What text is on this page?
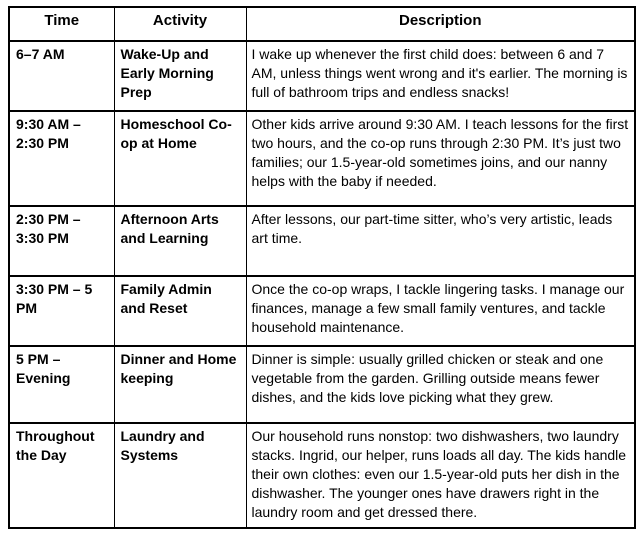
Time	Activity	Description
6–7 AM	Wake-Up and Early Morning Prep	I wake up whenever the first child does: between 6 and 7 AM, unless things went wrong and it's earlier. The morning is full of bathroom trips and endless snacks!
9:30 AM – 2:30 PM	Homeschool Co-op at Home	Other kids arrive around 9:30 AM. I teach lessons for the first two hours, and the co-op runs through 2:30 PM. It’s just two families; our 1.5-year-old sometimes joins, and our nanny helps with the baby if needed.
2:30 PM – 3:30 PM	Afternoon Arts and Learning	After lessons, our part-time sitter, who’s very artistic, leads art time.
3:30 PM – 5 PM	Family Admin and Reset	Once the co-op wraps, I tackle lingering tasks. I manage our finances, manage a few small family ventures, and tackle household maintenance.
5 PM – Evening	Dinner and Home keeping	Dinner is simple: usually grilled chicken or steak and one vegetable from the garden. Grilling outside means fewer dishes, and the kids love picking what they grew.
Throughout the Day	Laundry and Systems	Our household runs nonstop: two dishwashers, two laundry stacks. Ingrid, our helper, runs loads all day. The kids handle their own clothes: even our 1.5-year-old puts her dish in the dishwasher. The younger ones have drawers right in the laundry room and get dressed there.
